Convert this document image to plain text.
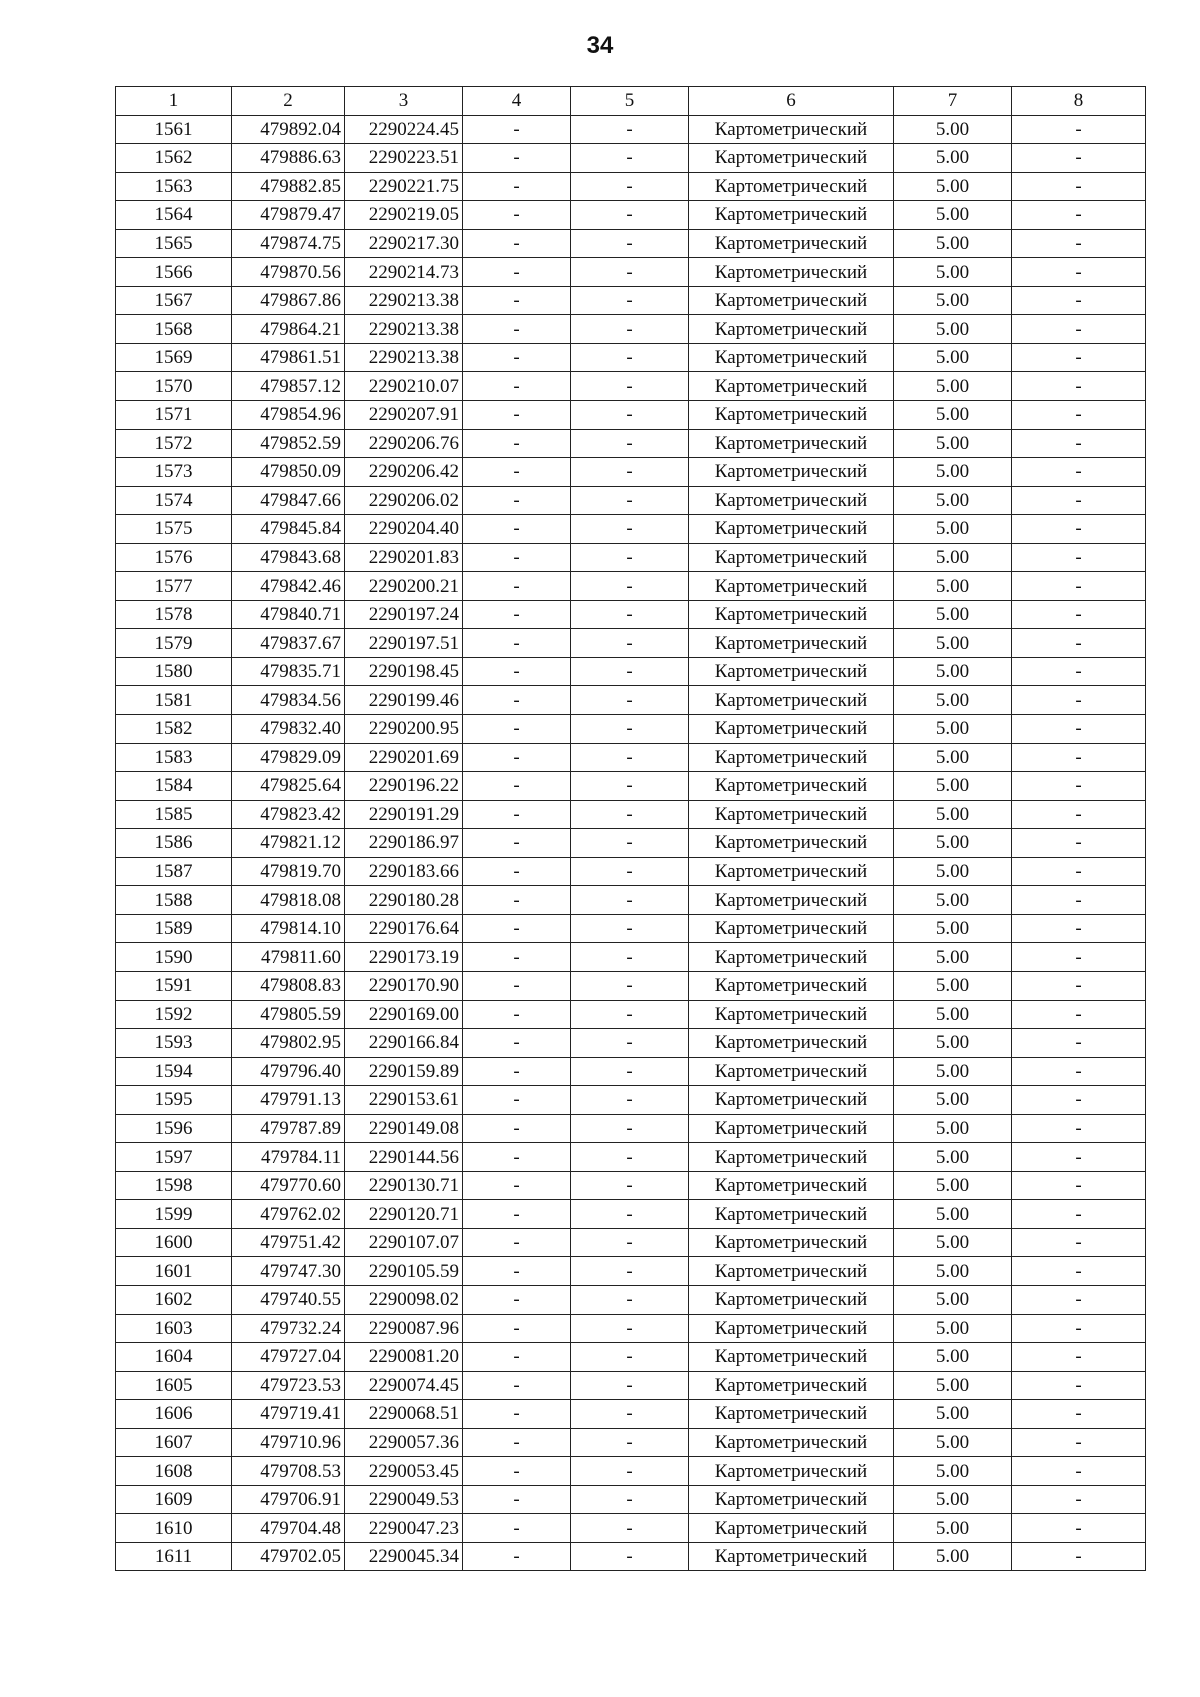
34
1	2	3	4	5	6	7	8
1561	479892.04	2290224.45	-	-	Картометрический	5.00	-
1562	479886.63	2290223.51	-	-	Картометрический	5.00	-
1563	479882.85	2290221.75	-	-	Картометрический	5.00	-
1564	479879.47	2290219.05	-	-	Картометрический	5.00	-
1565	479874.75	2290217.30	-	-	Картометрический	5.00	-
1566	479870.56	2290214.73	-	-	Картометрический	5.00	-
1567	479867.86	2290213.38	-	-	Картометрический	5.00	-
1568	479864.21	2290213.38	-	-	Картометрический	5.00	-
1569	479861.51	2290213.38	-	-	Картометрический	5.00	-
1570	479857.12	2290210.07	-	-	Картометрический	5.00	-
1571	479854.96	2290207.91	-	-	Картометрический	5.00	-
1572	479852.59	2290206.76	-	-	Картометрический	5.00	-
1573	479850.09	2290206.42	-	-	Картометрический	5.00	-
1574	479847.66	2290206.02	-	-	Картометрический	5.00	-
1575	479845.84	2290204.40	-	-	Картометрический	5.00	-
1576	479843.68	2290201.83	-	-	Картометрический	5.00	-
1577	479842.46	2290200.21	-	-	Картометрический	5.00	-
1578	479840.71	2290197.24	-	-	Картометрический	5.00	-
1579	479837.67	2290197.51	-	-	Картометрический	5.00	-
1580	479835.71	2290198.45	-	-	Картометрический	5.00	-
1581	479834.56	2290199.46	-	-	Картометрический	5.00	-
1582	479832.40	2290200.95	-	-	Картометрический	5.00	-
1583	479829.09	2290201.69	-	-	Картометрический	5.00	-
1584	479825.64	2290196.22	-	-	Картометрический	5.00	-
1585	479823.42	2290191.29	-	-	Картометрический	5.00	-
1586	479821.12	2290186.97	-	-	Картометрический	5.00	-
1587	479819.70	2290183.66	-	-	Картометрический	5.00	-
1588	479818.08	2290180.28	-	-	Картометрический	5.00	-
1589	479814.10	2290176.64	-	-	Картометрический	5.00	-
1590	479811.60	2290173.19	-	-	Картометрический	5.00	-
1591	479808.83	2290170.90	-	-	Картометрический	5.00	-
1592	479805.59	2290169.00	-	-	Картометрический	5.00	-
1593	479802.95	2290166.84	-	-	Картометрический	5.00	-
1594	479796.40	2290159.89	-	-	Картометрический	5.00	-
1595	479791.13	2290153.61	-	-	Картометрический	5.00	-
1596	479787.89	2290149.08	-	-	Картометрический	5.00	-
1597	479784.11	2290144.56	-	-	Картометрический	5.00	-
1598	479770.60	2290130.71	-	-	Картометрический	5.00	-
1599	479762.02	2290120.71	-	-	Картометрический	5.00	-
1600	479751.42	2290107.07	-	-	Картометрический	5.00	-
1601	479747.30	2290105.59	-	-	Картометрический	5.00	-
1602	479740.55	2290098.02	-	-	Картометрический	5.00	-
1603	479732.24	2290087.96	-	-	Картометрический	5.00	-
1604	479727.04	2290081.20	-	-	Картометрический	5.00	-
1605	479723.53	2290074.45	-	-	Картометрический	5.00	-
1606	479719.41	2290068.51	-	-	Картометрический	5.00	-
1607	479710.96	2290057.36	-	-	Картометрический	5.00	-
1608	479708.53	2290053.45	-	-	Картометрический	5.00	-
1609	479706.91	2290049.53	-	-	Картометрический	5.00	-
1610	479704.48	2290047.23	-	-	Картометрический	5.00	-
1611	479702.05	2290045.34	-	-	Картометрический	5.00	-
